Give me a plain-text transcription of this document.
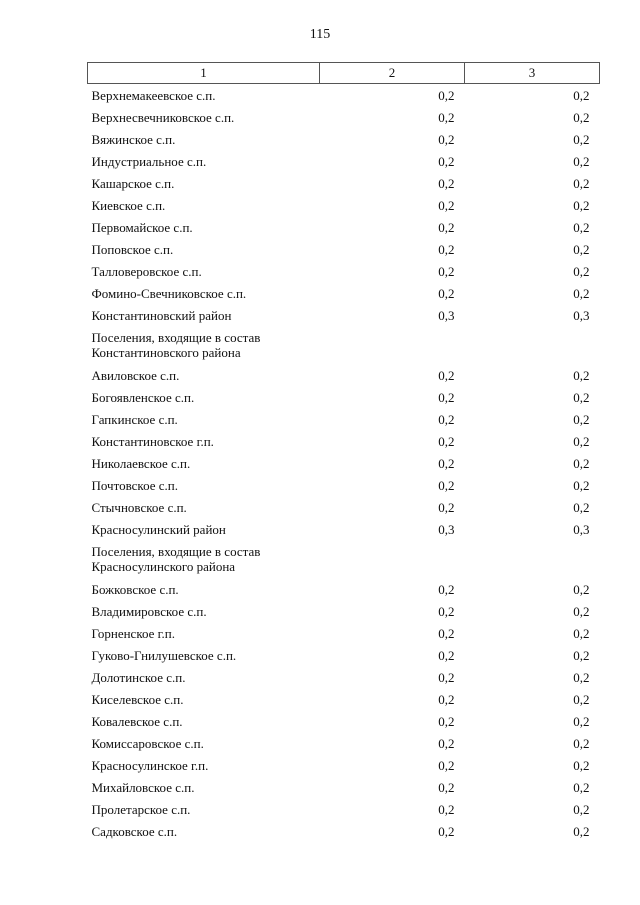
115
1	2	3
Верхнемакеевское с.п.	0,2	0,2
Верхнесвечниковское с.п.	0,2	0,2
Вяжинское с.п.	0,2	0,2
Индустриальное с.п.	0,2	0,2
Кашарское с.п.	0,2	0,2
Киевское с.п.	0,2	0,2
Первомайское с.п.	0,2	0,2
Поповское с.п.	0,2	0,2
Талловеровское с.п.	0,2	0,2
Фомино-Свечниковское с.п.	0,2	0,2
Константиновский район	0,3	0,3
Поселения, входящие в состав
Константиновского района		
Авиловское с.п.	0,2	0,2
Богоявленское с.п.	0,2	0,2
Гапкинское с.п.	0,2	0,2
Константиновское г.п.	0,2	0,2
Николаевское с.п.	0,2	0,2
Почтовское с.п.	0,2	0,2
Стычновское с.п.	0,2	0,2
Красносулинский район	0,3	0,3
Поселения, входящие в состав
Красносулинского района		
Божковское с.п.	0,2	0,2
Владимировское с.п.	0,2	0,2
Горненское г.п.	0,2	0,2
Гуково-Гнилушевское с.п.	0,2	0,2
Долотинское с.п.	0,2	0,2
Киселевское с.п.	0,2	0,2
Ковалевское с.п.	0,2	0,2
Комиссаровское с.п.	0,2	0,2
Красносулинское г.п.	0,2	0,2
Михайловское с.п.	0,2	0,2
Пролетарское с.п.	0,2	0,2
Садковское с.п.	0,2	0,2
